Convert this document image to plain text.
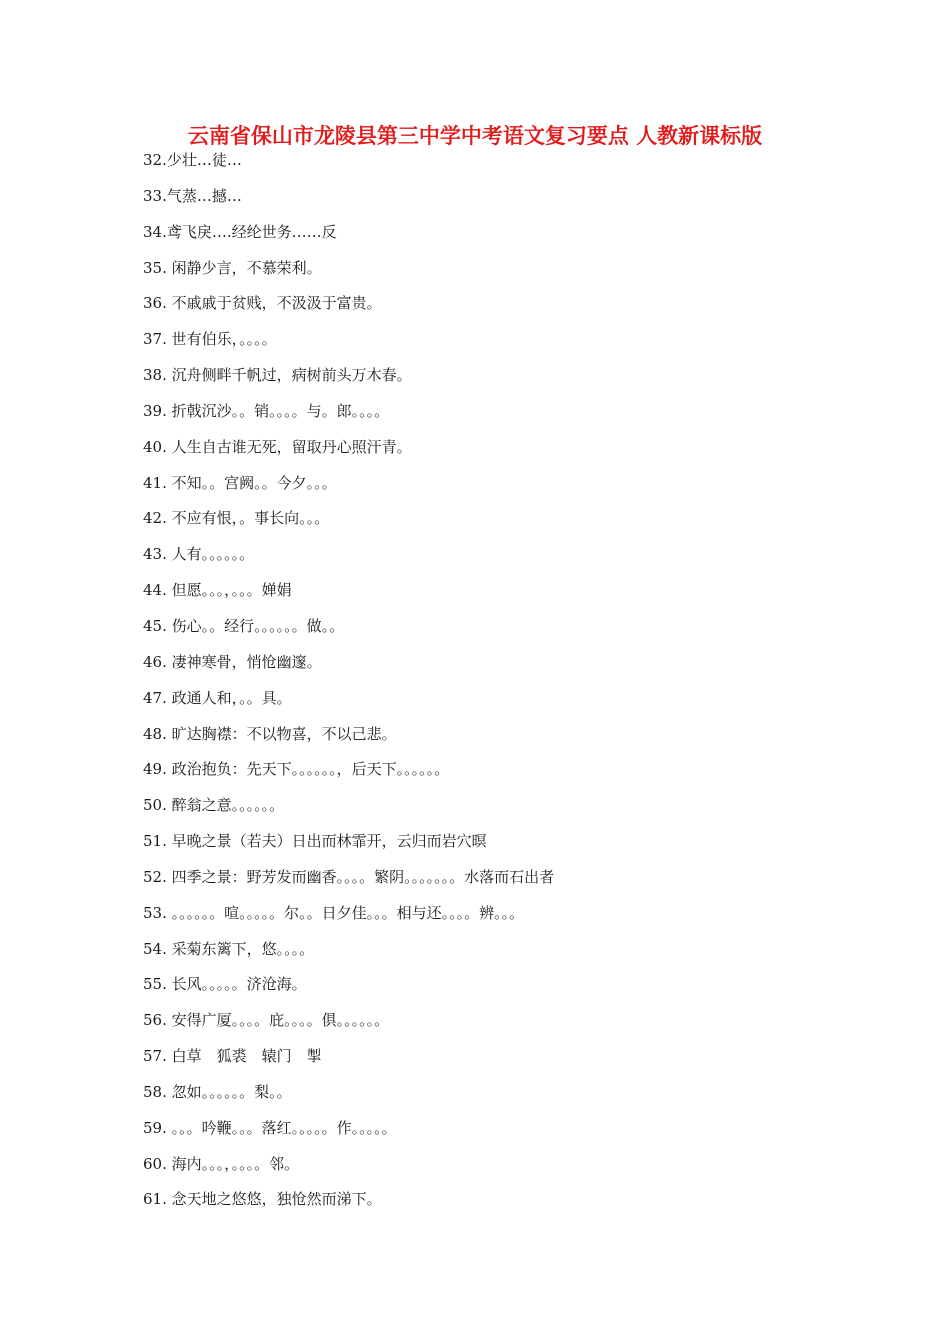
云南省保山市龙陵县第三中学中考语文复习要点 人教新课标版
32.少壮…徒…
33.气蒸…撼…
34.鸢飞戾….经纶世务……反
35. 闲静少言，不慕荣利。
36. 不戚戚于贫贱，不汲汲于富贵。
37. 世有伯乐，。。。。
38. 沉舟侧畔千帆过，病树前头万木春。
39. 折戟沉沙。。销。。。。与。郎。。。。
40. 人生自古谁无死，留取丹心照汗青。
41. 不知。。宫阙。。今夕。。。
42. 不应有恨，。事长向。。。
43. 人有。。。。。。
44. 但愿。。。，。。。婵娟
45. 伤心。。经行。。。。。。做。。
46. 凄神寒骨，悄怆幽邃。
47. 政通人和，。。具。
48. 旷达胸襟：不以物喜，不以己悲。
49. 政治抱负：先天下。。。。。。，后天下。。。。。。
50. 醉翁之意。。。。。。
51. 早晚之景（若夫）日出而林霏开，云归而岩穴暝
52. 四季之景：野芳发而幽香。。。。繁阴。。。。。。。水落而石出者
53. 。。。。。。喧。。。。。尔。。日夕佳。。。相与还。。。。辨。。。
54. 采菊东篱下，悠。。。。
55. 长风。。。。。济沧海。
56. 安得广厦。。。。庇。。。。俱。。。。。。
57. 白草　狐裘　辕门　掣
58. 忽如。。。。。。梨。。
59. 。。。吟鞭。。。落红。。。。。作。。。。。
60. 海内。。。，。。。。邻。
61. 念天地之悠悠，独怆然而涕下。
